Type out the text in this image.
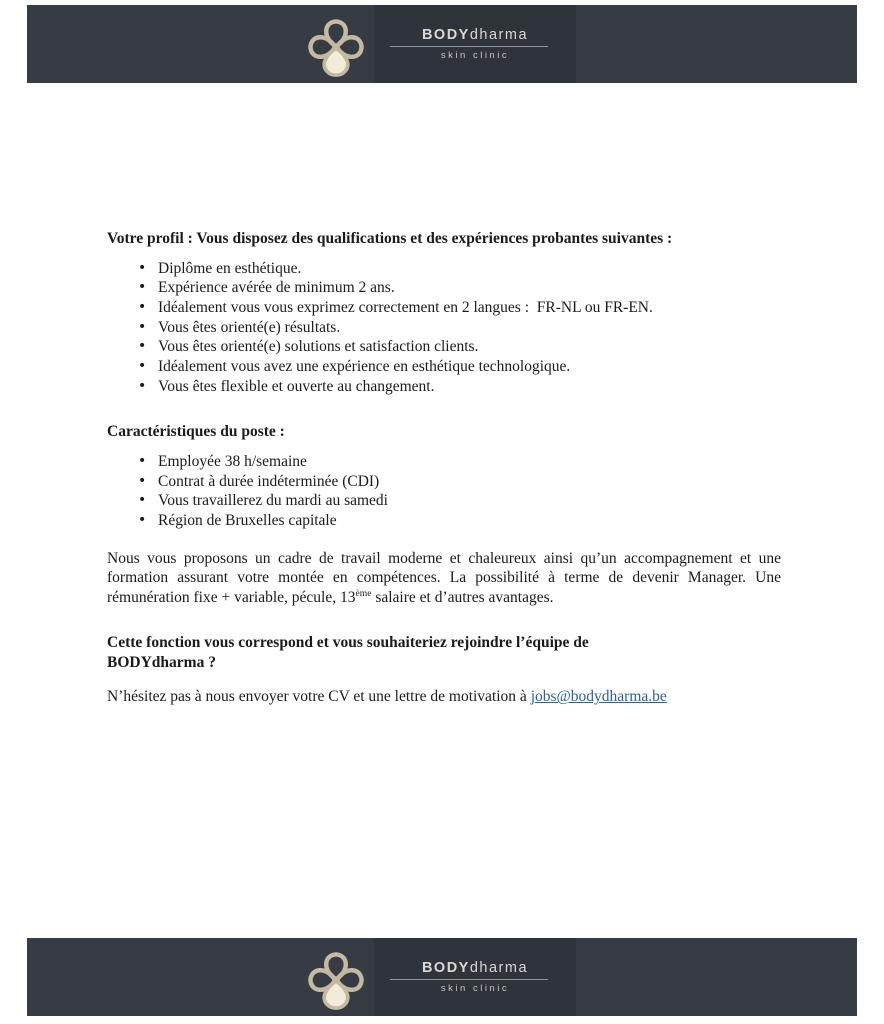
BODYdharma
skin clinic

Votre profil : Vous disposez des qualifications et des expériences probantes suivantes :

• Diplôme en esthétique.
• Expérience avérée de minimum 2 ans.
• Idéalement vous vous exprimez correctement en 2 langues :  FR-NL ou FR-EN.
• Vous êtes orienté(e) résultats.
• Vous êtes orienté(e) solutions et satisfaction clients.
• Idéalement vous avez une expérience en esthétique technologique.
• Vous êtes flexible et ouverte au changement.

Caractéristiques du poste :

• Employée 38 h/semaine
• Contrat à durée indéterminée (CDI)
• Vous travaillerez du mardi au samedi
• Région de Bruxelles capitale

Nous vous proposons un cadre de travail moderne et chaleureux ainsi qu’un accompagnement et une formation assurant votre montée en compétences. La possibilité à terme de devenir Manager. Une rémunération fixe + variable, pécule, 13ème salaire et d’autres avantages.

Cette fonction vous correspond et vous souhaiteriez rejoindre l’équipe de
BODYdharma ?

N’hésitez pas à nous envoyer votre CV et une lettre de motivation à jobs@bodydharma.be

BODYdharma
skin clinic
